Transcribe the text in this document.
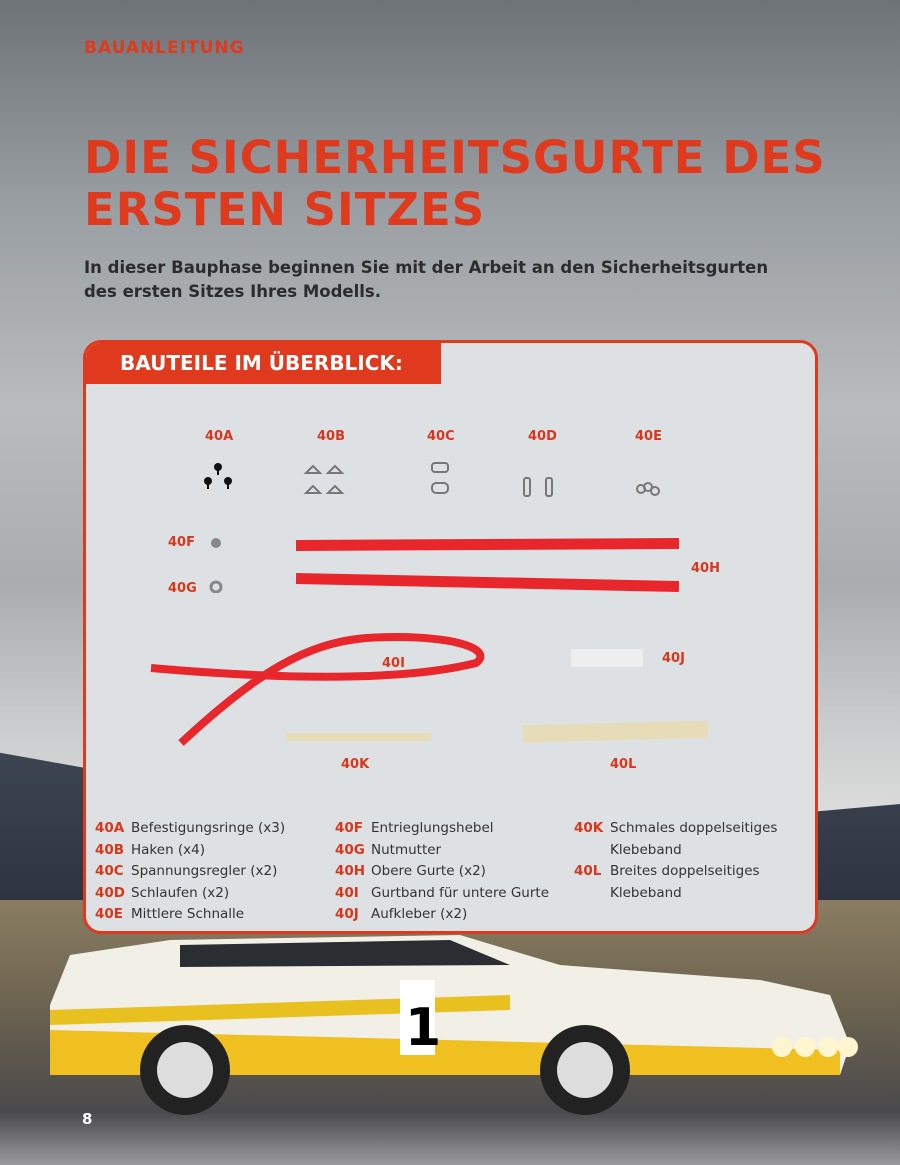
1
BAUANLEITUNG
DIE SICHERHEITSGURTE DES ERSTEN SITZES

In dieser Bauphase beginnen Sie mit der Arbeit an den Sicherheitsgurten des ersten Sitzes Ihres Modells.

BAUTEILE IM ÜBERBLICK:
40A	40B	40C	40D	40E
40F
40G
40H
40I	40J
40K	40L
40A Befestigungsringe (x3)
40B Haken (x4)
40C Spannungsregler (x2)
40D Schlaufen (x2)
40E Mittlere Schnalle
40F Entrieglungshebel
40G Nutmutter
40H Obere Gurte (x2)
40I Gurtband für untere Gurte
40J Aufkleber (x2)
40K Schmales doppelseitiges Klebeband
40L Breites doppelseitiges Klebeband
8
